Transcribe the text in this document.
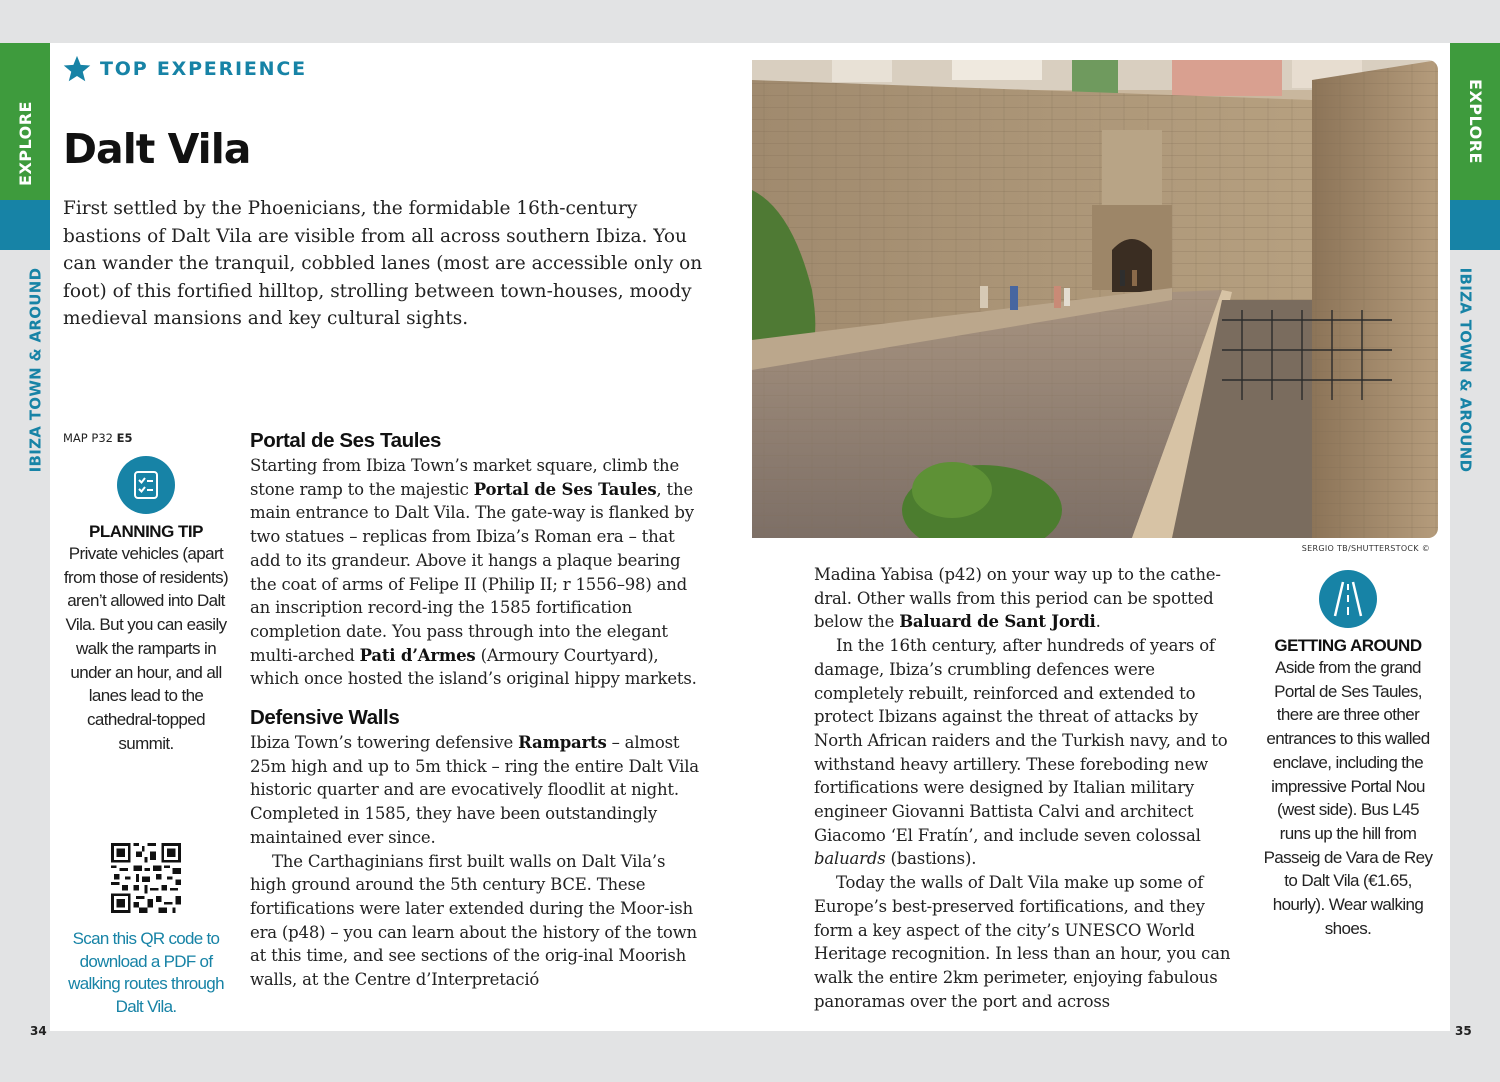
EXPLORE
IBIZA TOWN & AROUND
EXPLORE
IBIZA TOWN & AROUND
TOP EXPERIENCE
Dalt Vila

First settled by the Phoenicians, the formidable 16th-century bastions of Dalt Vila are visible from all across southern Ibiza. You can wander the tranquil, cobbled lanes (most are accessible only on foot) of this fortified hilltop, strolling between town-houses, moody medieval mansions and key cultural sights.

MAP P32 E5
PLANNING TIP
Private vehicles (apart from those of residents) aren’t allowed into Dalt Vila. But you can easily walk the ramparts in under an hour, and all lanes lead to the cathedral-topped summit.
Scan this QR code to download a PDF of walking routes through Dalt Vila.
Portal de Ses Taules

Starting from Ibiza Town’s market square, climb the stone ramp to the majestic Portal de Ses Taules, the main entrance to Dalt Vila. The gate-way is flanked by two statues – replicas from Ibiza’s Roman era – that add to its grandeur. Above it hangs a plaque bearing the coat of arms of Felipe II (Philip II; r 1556–98) and an inscription record-ing the 1585 fortification completion date. You pass through into the elegant multi-arched Pati d’Armes (Armoury Courtyard), which once hosted the island’s original hippy markets.

Defensive Walls

Ibiza Town’s towering defensive Ramparts – almost 25m high and up to 5m thick – ring the entire Dalt Vila historic quarter and are evocatively floodlit at night. Completed in 1585, they have been outstandingly maintained ever since.

The Carthaginians first built walls on Dalt Vila’s high ground around the 5th century BCE. These fortifications were later extended during the Moor-ish era (p48) – you can learn about the history of the town at this time, and see sections of the orig-inal Moorish walls, at the Centre d’Interpretació

SERGIO TB/SHUTTERSTOCK ©

Madina Yabisa (p42) on your way up to the cathe-dral. Other walls from this period can be spotted below the Baluard de Sant Jordi.

In the 16th century, after hundreds of years of damage, Ibiza’s crumbling defences were completely rebuilt, reinforced and extended to protect Ibizans against the threat of attacks by North African raiders and the Turkish navy, and to withstand heavy artillery. These foreboding new fortifications were designed by Italian military engineer Giovanni Battista Calvi and architect Giacomo ‘El Fratín’, and include seven colossal baluards (bastions).

Today the walls of Dalt Vila make up some of Europe’s best-preserved fortifications, and they form a key aspect of the city’s UNESCO World Heritage recognition. In less than an hour, you can walk the entire 2km perimeter, enjoying fabulous panoramas over the port and across

GETTING AROUND
Aside from the grand Portal de Ses Taules, there are three other entrances to this walled enclave, including the impressive Portal Nou (west side). Bus L45 runs up the hill from Passeig de Vara de Rey to Dalt Vila (€1.65, hourly). Wear walking shoes.
34	35
